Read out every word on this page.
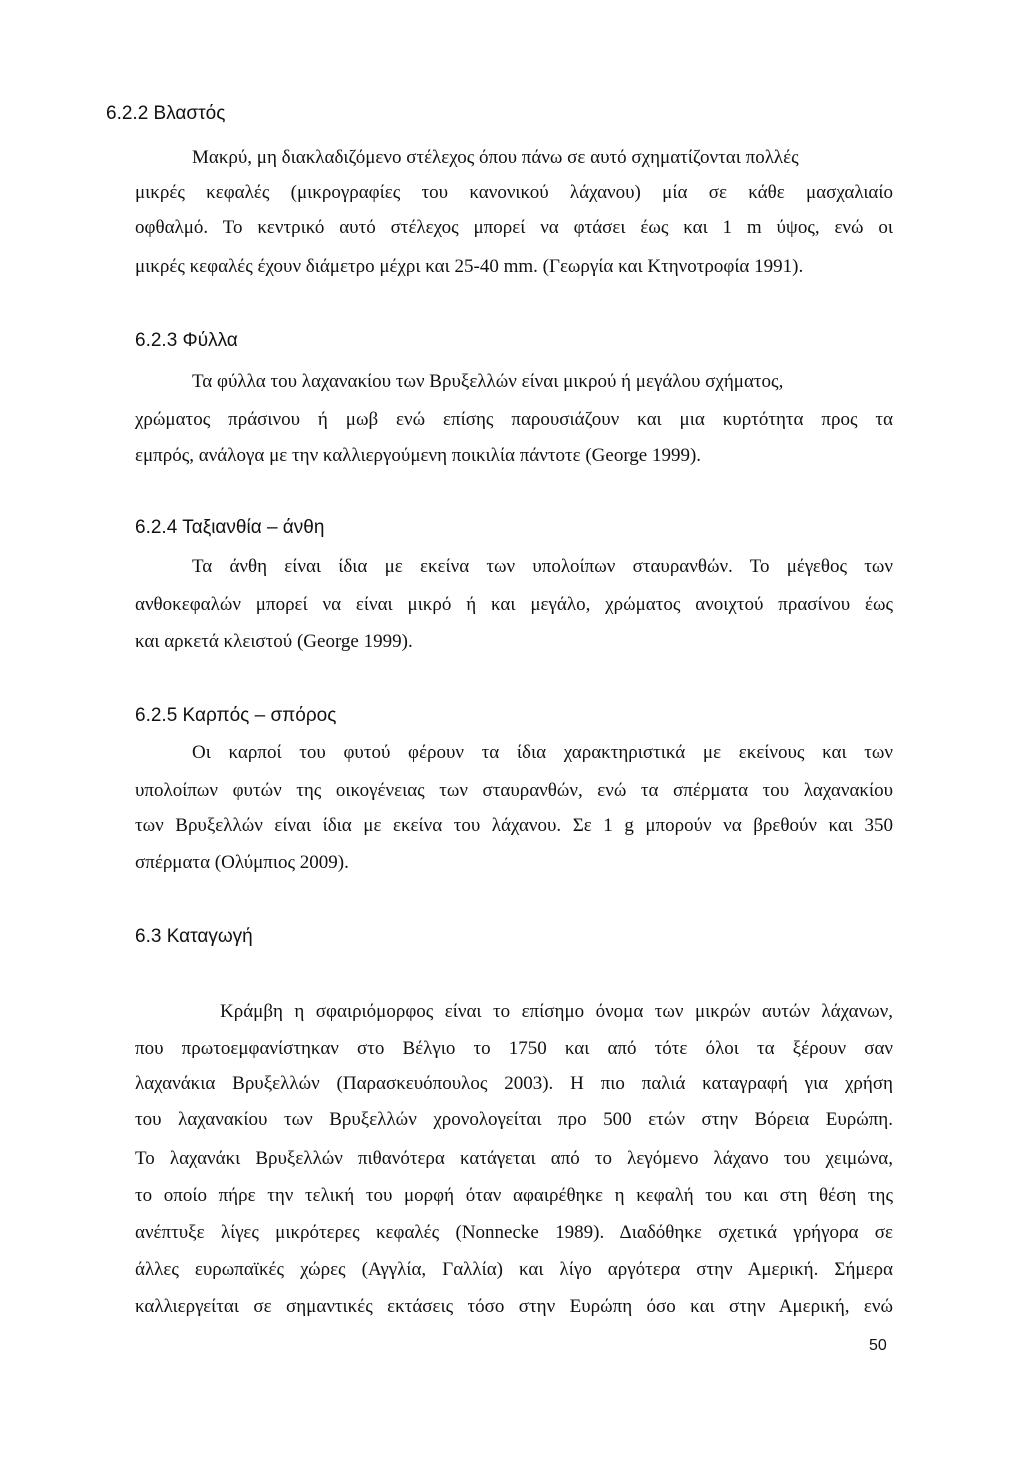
6.2.2 Βλαστός
Μακρύ, μη διακλαδιζόμενο στέλεχος όπου πάνω σε αυτό σχηματίζονται πολλές
μικρές κεφαλές (μικρογραφίες του κανονικού λάχανου) μία σε κάθε μασχαλιαίο
οφθαλμό. Το κεντρικό αυτό στέλεχος μπορεί να φτάσει έως και 1 m ύψος, ενώ οι
μικρές κεφαλές έχουν διάμετρο μέχρι και 25-40 mm. (Γεωργία και Κτηνοτροφία 1991).
6.2.3 Φύλλα
Τα φύλλα του λαχανακίου των Βρυξελλών είναι μικρού ή μεγάλου σχήματος,
χρώματος πράσινου ή μωβ ενώ επίσης παρουσιάζουν και μια κυρτότητα προς τα
εμπρός, ανάλογα με την καλλιεργούμενη ποικιλία πάντοτε (George 1999).
6.2.4 Ταξιανθία – άνθη
Τα άνθη είναι ίδια με εκείνα των υπολοίπων σταυρανθών. Το μέγεθος των
ανθοκεφαλών μπορεί να είναι μικρό ή και μεγάλο, χρώματος ανοιχτού πρασίνου έως
και αρκετά κλειστού (George 1999).
6.2.5 Καρπός – σπόρος
Οι καρποί του φυτού φέρουν τα ίδια χαρακτηριστικά με εκείνους και των
υπολοίπων φυτών της οικογένειας των σταυρανθών, ενώ τα σπέρματα του λαχανακίου
των Βρυξελλών είναι ίδια με εκείνα του λάχανου. Σε 1 g μπορούν να βρεθούν και 350
σπέρματα (Ολύμπιος 2009).
6.3 Καταγωγή
Κράμβη η σφαιριόμορφος είναι το επίσημο όνομα των μικρών αυτών λάχανων,
που πρωτοεμφανίστηκαν στο Βέλγιο το 1750 και από τότε όλοι τα ξέρουν σαν
λαχανάκια Βρυξελλών (Παρασκευόπουλος 2003). Η πιο παλιά καταγραφή για χρήση
του λαχανακίου των Βρυξελλών χρονολογείται προ 500 ετών στην Βόρεια Ευρώπη.
Το λαχανάκι Βρυξελλών πιθανότερα κατάγεται από το λεγόμενο λάχανο του χειμώνα,
το οποίο πήρε την τελική του μορφή όταν αφαιρέθηκε η κεφαλή του και στη θέση της
ανέπτυξε λίγες μικρότερες κεφαλές (Nonnecke 1989). Διαδόθηκε σχετικά γρήγορα σε
άλλες ευρωπαϊκές χώρες (Αγγλία, Γαλλία) και λίγο αργότερα στην Αμερική. Σήμερα
καλλιεργείται σε σημαντικές εκτάσεις τόσο στην Ευρώπη όσο και στην Αμερική, ενώ
50
